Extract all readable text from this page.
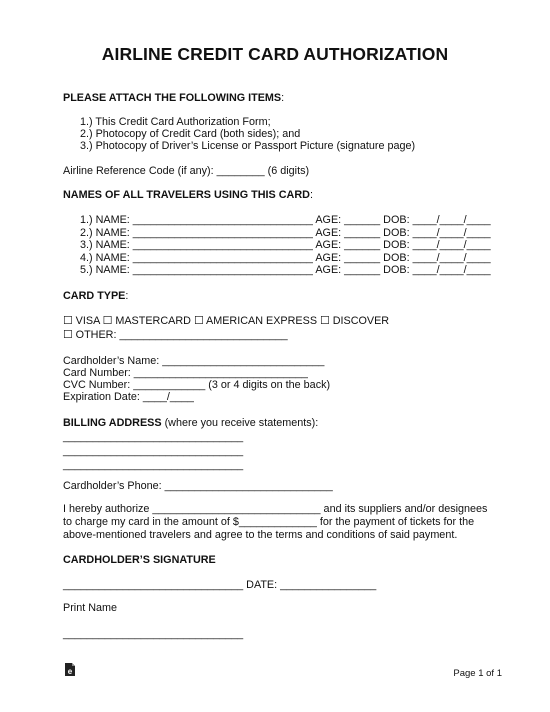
AIRLINE CREDIT CARD AUTHORIZATION
PLEASE ATTACH THE FOLLOWING ITEMS:
1.) This Credit Card Authorization Form;
2.) Photocopy of Credit Card (both sides); and
3.) Photocopy of Driver’s License or Passport Picture (signature page)
Airline Reference Code (if any): ________ (6 digits)
NAMES OF ALL TRAVELERS USING THIS CARD:
1.) NAME: ______________________________ AGE: ______ DOB: ____/____/____
2.) NAME: ______________________________ AGE: ______ DOB: ____/____/____
3.) NAME: ______________________________ AGE: ______ DOB: ____/____/____
4.) NAME: ______________________________ AGE: ______ DOB: ____/____/____
5.) NAME: ______________________________ AGE: ______ DOB: ____/____/____
CARD TYPE:
☐ VISA ☐ MASTERCARD ☐ AMERICAN EXPRESS ☐ DISCOVER
☐ OTHER: ____________________________
Cardholder’s Name: ___________________________
Card Number: _____________________________
CVC Number: ____________ (3 or 4 digits on the back)
Expiration Date: ____/____
BILLING ADDRESS (where you receive statements):
______________________________
______________________________
______________________________
Cardholder’s Phone: ____________________________
I hereby authorize ____________________________ and its suppliers and/or designees
to charge my card in the amount of $_____________ for the payment of tickets for the
above-mentioned travelers and agree to the terms and conditions of said payment.
CARDHOLDER’S SIGNATURE
______________________________ DATE: ________________
Print Name
______________________________
e	Page 1 of 1
